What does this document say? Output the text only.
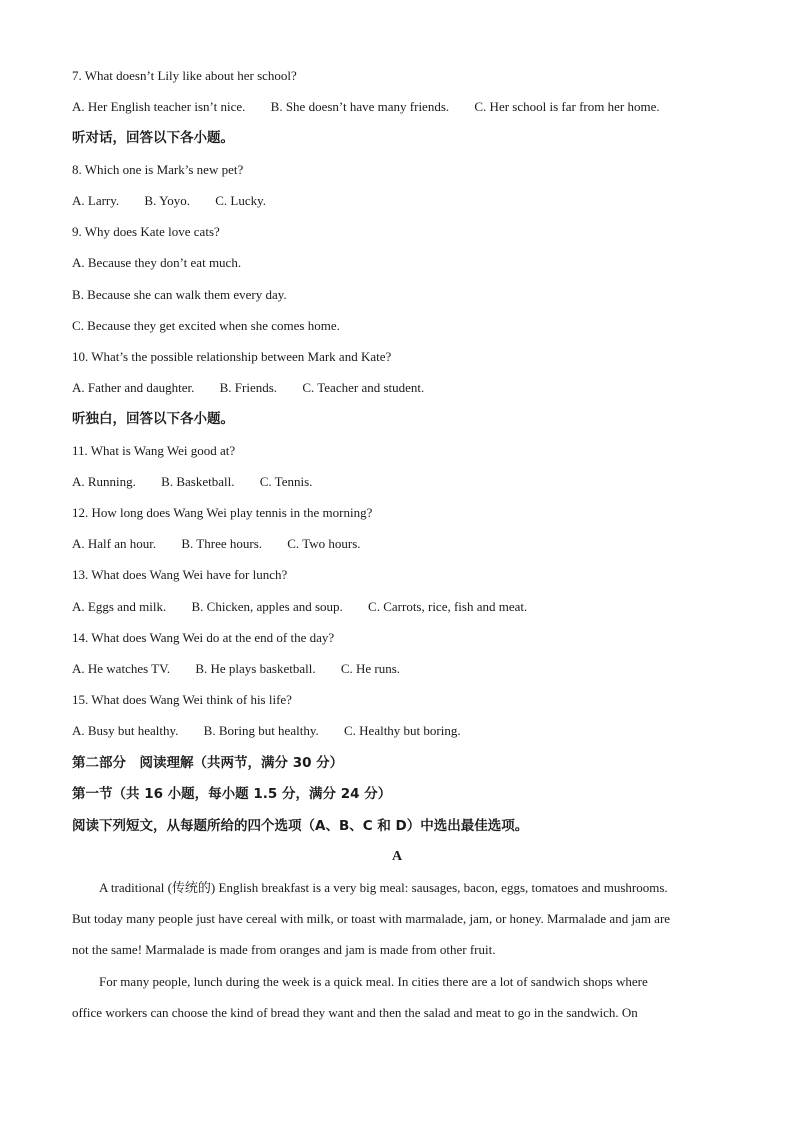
7. What doesn’t Lily like about her school?
A. Her English teacher isn’t nice. B. She doesn’t have many friends. C. Her school is far from her home.
听对话，回答以下各小题。
8. Which one is Mark’s new pet?
A. Larry. B. Yoyo. C. Lucky.
9. Why does Kate love cats?
A. Because they don’t eat much.
B. Because she can walk them every day.
C. Because they get excited when she comes home.
10. What’s the possible relationship between Mark and Kate?
A. Father and daughter. B. Friends. C. Teacher and student.
听独白，回答以下各小题。
11. What is Wang Wei good at?
A. Running. B. Basketball. C. Tennis.
12. How long does Wang Wei play tennis in the morning?
A. Half an hour. B. Three hours. C. Two hours.
13. What does Wang Wei have for lunch?
A. Eggs and milk. B. Chicken, apples and soup. C. Carrots, rice, fish and meat.
14. What does Wang Wei do at the end of the day?
A. He watches TV. B. He plays basketball. C. He runs.
15. What does Wang Wei think of his life?
A. Busy but healthy. B. Boring but healthy. C. Healthy but boring.
第二部分　阅读理解（共两节，满分 30 分）
第一节（共 16 小题，每小题 1.5 分，满分 24 分）
阅读下列短文，从每题所给的四个选项（A、B、C 和 D）中选出最佳选项。
A
A traditional (传统的) English breakfast is a very big meal: sausages, bacon, eggs, tomatoes and mushrooms.
But today many people just have cereal with milk, or toast with marmalade, jam, or honey. Marmalade and jam are
not the same! Marmalade is made from oranges and jam is made from other fruit.
For many people, lunch during the week is a quick meal. In cities there are a lot of sandwich shops where
office workers can choose the kind of bread they want and then the salad and meat to go in the sandwich. On
